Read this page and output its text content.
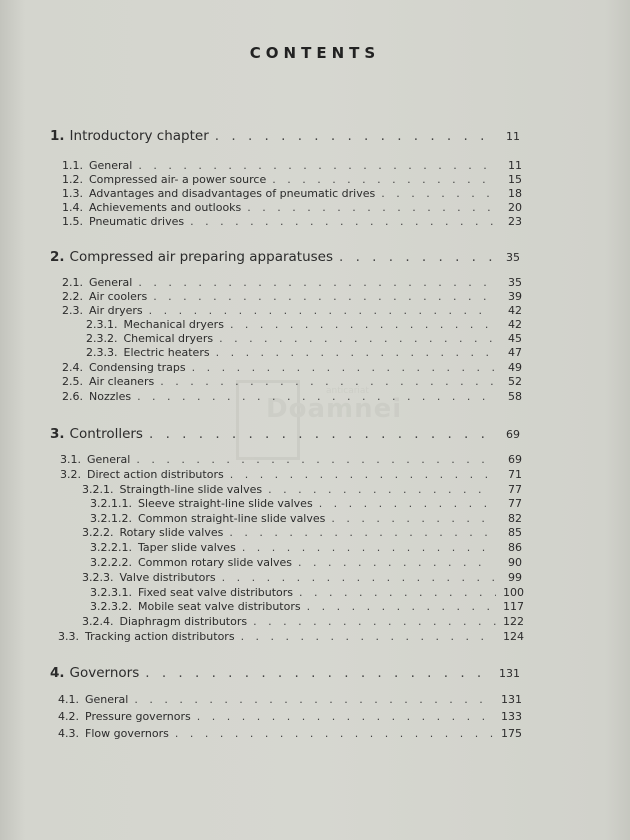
CONTENTS
anticariat
Doamnei
1. Introductory chapter . . .	11
1.1. General . . .	11
1.2. Compressed air- a power source . . .	15
1.3. Advantages and disadvantages of pneumatic drives . . .	18
1.4. Achievements and outlooks . . .	20
1.5. Pneumatic drives . . .	23
2. Compressed air preparing apparatuses . . .	35
2.1. General . . .	35
2.2. Air coolers . . .	39
2.3. Air dryers . . .	42
2.3.1. Mechanical dryers . . .	42
2.3.2. Chemical dryers . . .	45
2.3.3. Electric heaters . . .	47
2.4. Condensing traps . . .	49
2.5. Air cleaners . . .	52
2.6. Nozzles . . .	58
3. Controllers . . .	69
3.1. General . . .	69
3.2. Direct action distributors . . .	71
3.2.1. Straingth-line slide valves . . .	77
3.2.1.1. Sleeve straight-line slide valves . . .	77
3.2.1.2. Common straight-line slide valves . . .	82
3.2.2. Rotary slide valves . . .	85
3.2.2.1. Taper slide valves . . .	86
3.2.2.2. Common rotary slide valves . . .	90
3.2.3. Valve distributors . . .	99
3.2.3.1. Fixed seat valve distributors . . .	100
3.2.3.2. Mobile seat valve distributors . . .	117
3.2.4. Diaphragm distributors . . .	122
3.3. Tracking action distributors . . .	124
4. Governors . . .	131
4.1. General . . .	131
4.2. Pressure governors . . .	133
4.3. Flow governors . . .	175
